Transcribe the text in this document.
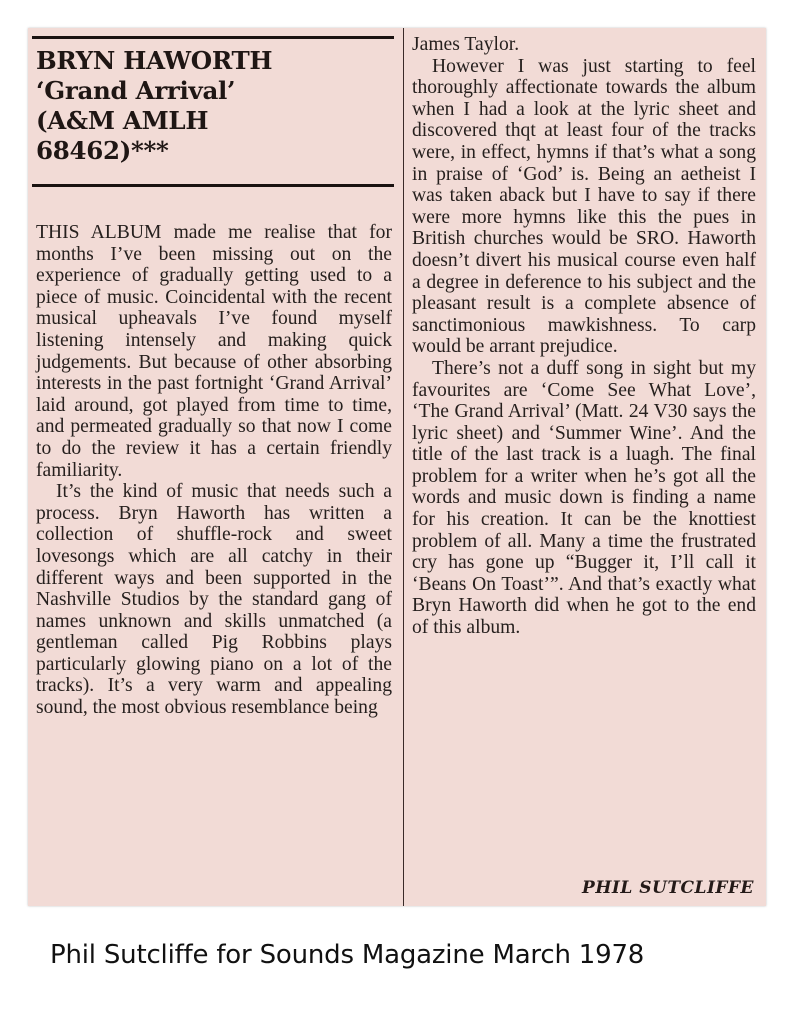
BRYN HAWORTH
‘Grand Arrival’
(A&M AMLH
68462)***

THIS ALBUM made me realise that for months I’ve been missing out on the experience of gradually getting used to a piece of music. Coincidental with the recent musical upheavals I’ve found myself listening intensely and making quick judgements. But because of other absorbing interests in the past fortnight ‘Grand Arrival’ laid around, got played from time to time, and permeated gradually so that now I come to do the review it has a certain friendly familiarity.

It’s the kind of music that needs such a process. Bryn Haworth has written a collection of shuffle-rock and sweet lovesongs which are all catchy in their different ways and been supported in the Nashville Studios by the standard gang of names unknown and skills unmatched (a gentleman called Pig Robbins plays particularly glowing piano on a lot of the tracks). It’s a very warm and appealing sound, the most obvious resemblance being

James Taylor.

However I was just starting to feel thoroughly affectionate towards the album when I had a look at the lyric sheet and discovered thqt at least four of the tracks were, in effect, hymns if that’s what a song in praise of ‘God’ is. Being an aetheist I was taken aback but I have to say if there were more hymns like this the pues in British churches would be SRO. Haworth doesn’t divert his musical course even half a degree in deference to his subject and the pleasant result is a complete absence of sanctimonious mawkishness. To carp would be arrant prejudice.

There’s not a duff song in sight but my favourites are ‘Come See What Love’, ‘The Grand Arrival’ (Matt. 24 V30 says the lyric sheet) and ‘Summer Wine’. And the title of the last track is a luagh. The final problem for a writer when he’s got all the words and music down is finding a name for his creation. It can be the knottiest problem of all. Many a time the frustrated cry has gone up “Bugger it, I’ll call it ‘Beans On Toast’”. And that’s exactly what Bryn Haworth did when he got to the end of this album.

PHIL SUTCLIFFE
Phil Sutcliffe for Sounds Magazine March 1978
